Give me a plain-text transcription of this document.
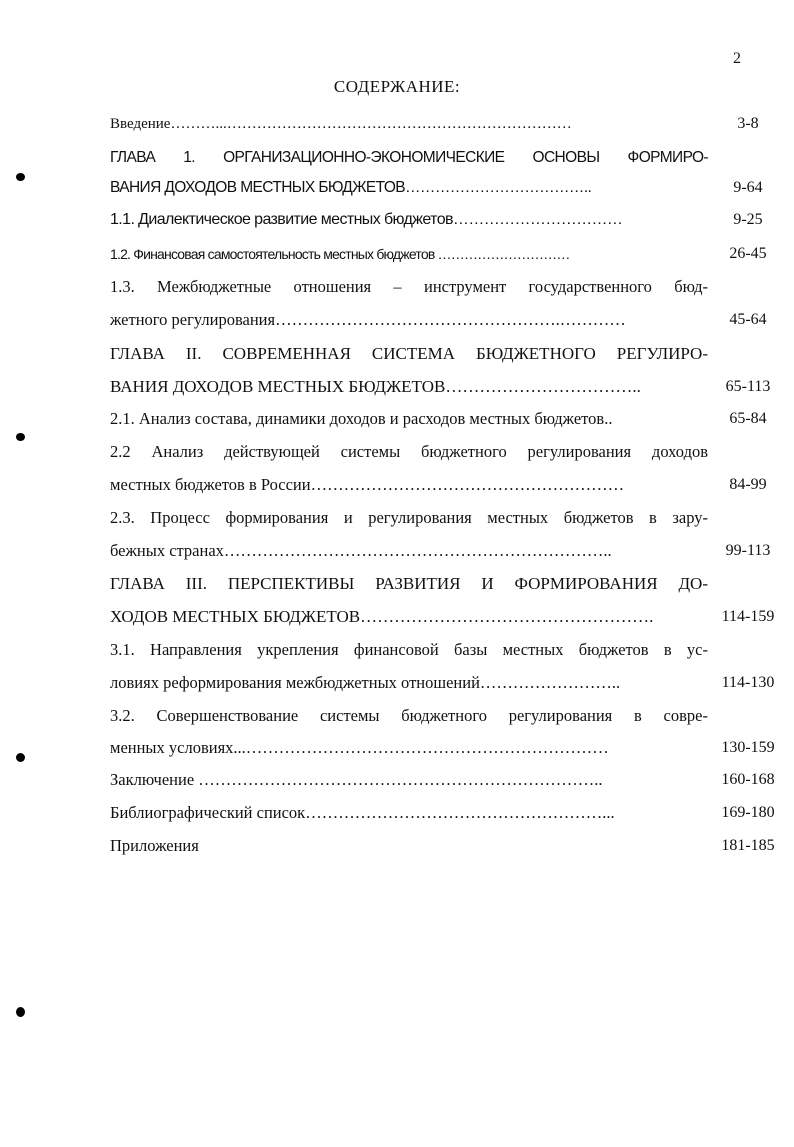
2
СОДЕРЖАНИЕ:
Введение………...……………………………………………………………	3-8
ГЛАВА 1. ОРГАНИЗАЦИОННО-ЭКОНОМИЧЕСКИЕ ОСНОВЫ ФОРМИРО-
ВАНИЯ ДОХОДОВ МЕСТНЫХ БЮДЖЕТОВ………………………………..	9-64
1.1. Диалектическое развитие местных бюджетов……………………………	9-25
1.2. Финансовая самостоятельность местных бюджетов …………………………	26-45
1.3. Межбюджетные отношения – инструмент государственного бюд-
жетного регулирования…………………………………………….…………	45-64
ГЛАВА II. СОВРЕМЕННАЯ СИСТЕМА БЮДЖЕТНОГО РЕГУЛИРО-
ВАНИЯ ДОХОДОВ МЕСТНЫХ БЮДЖЕТОВ……………………………..	65-113
2.1. Анализ состава, динамики доходов и расходов местных бюджетов..	65-84
2.2 Анализ действующей системы бюджетного регулирования доходов
местных бюджетов в России…………………………………………………	84-99
2.3. Процесс формирования и регулирования местных бюджетов в зару-
бежных странах……………………………………………………………..	99-113
ГЛАВА III. ПЕРСПЕКТИВЫ РАЗВИТИЯ И ФОРМИРОВАНИЯ ДО-
ХОДОВ МЕСТНЫХ БЮДЖЕТОВ…………………………………………….	114-159
3.1. Направления укрепления финансовой базы местных бюджетов в ус-
ловиях реформирования межбюджетных отношений……………………..	114-130
3.2. Совершенствование системы бюджетного регулирования в совре-
менных условиях...…………………………………………………………	130-159
Заключение ………………………………………………………………..	160-168
Библиографический список………………………………………………...	169-180
Приложения	181-185
